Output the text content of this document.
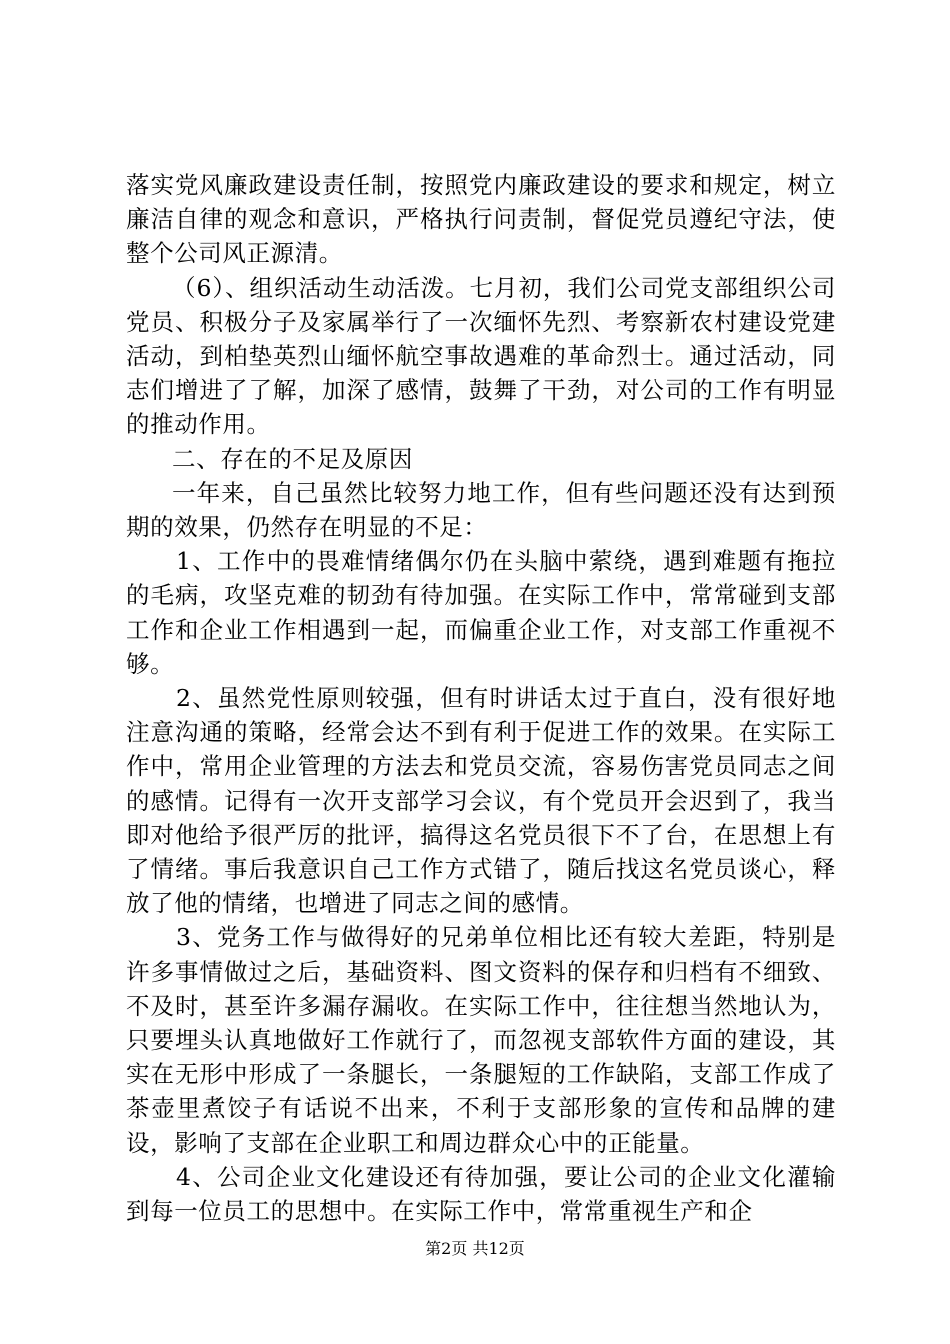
落实党风廉政建设责任制，按照党内廉政建设的要求和规定，树立廉洁自律的观念和意识，严格执行问责制，督促党员遵纪守法，使整个公司风正源清。

（6）、组织活动生动活泼。七月初，我们公司党支部组织公司党员、积极分子及家属举行了一次缅怀先烈、考察新农村建设党建活动，到柏垫英烈山缅怀航空事故遇难的革命烈士。通过活动，同志们增进了了解，加深了感情，鼓舞了干劲，对公司的工作有明显的推动作用。

二、存在的不足及原因

一年来，自己虽然比较努力地工作，但有些问题还没有达到预期的效果，仍然存在明显的不足：

1、工作中的畏难情绪偶尔仍在头脑中萦绕，遇到难题有拖拉的毛病，攻坚克难的韧劲有待加强。在实际工作中，常常碰到支部工作和企业工作相遇到一起，而偏重企业工作，对支部工作重视不够。

2、虽然党性原则较强，但有时讲话太过于直白，没有很好地注意沟通的策略，经常会达不到有利于促进工作的效果。在实际工作中，常用企业管理的方法去和党员交流，容易伤害党员同志之间的感情。记得有一次开支部学习会议，有个党员开会迟到了，我当即对他给予很严厉的批评，搞得这名党员很下不了台，在思想上有了情绪。事后我意识自己工作方式错了，随后找这名党员谈心，释放了他的情绪，也增进了同志之间的感情。

3、党务工作与做得好的兄弟单位相比还有较大差距，特别是许多事情做过之后，基础资料、图文资料的保存和归档有不细致、不及时，甚至许多漏存漏收。在实际工作中，往往想当然地认为，只要埋头认真地做好工作就行了，而忽视支部软件方面的建设，其实在无形中形成了一条腿长，一条腿短的工作缺陷，支部工作成了茶壶里煮饺子有话说不出来，不利于支部形象的宣传和品牌的建设，影响了支部在企业职工和周边群众心中的正能量。

4、公司企业文化建设还有待加强，要让公司的企业文化灌输到每一位员工的思想中。在实际工作中，常常重视生产和企

第2页 共12页
